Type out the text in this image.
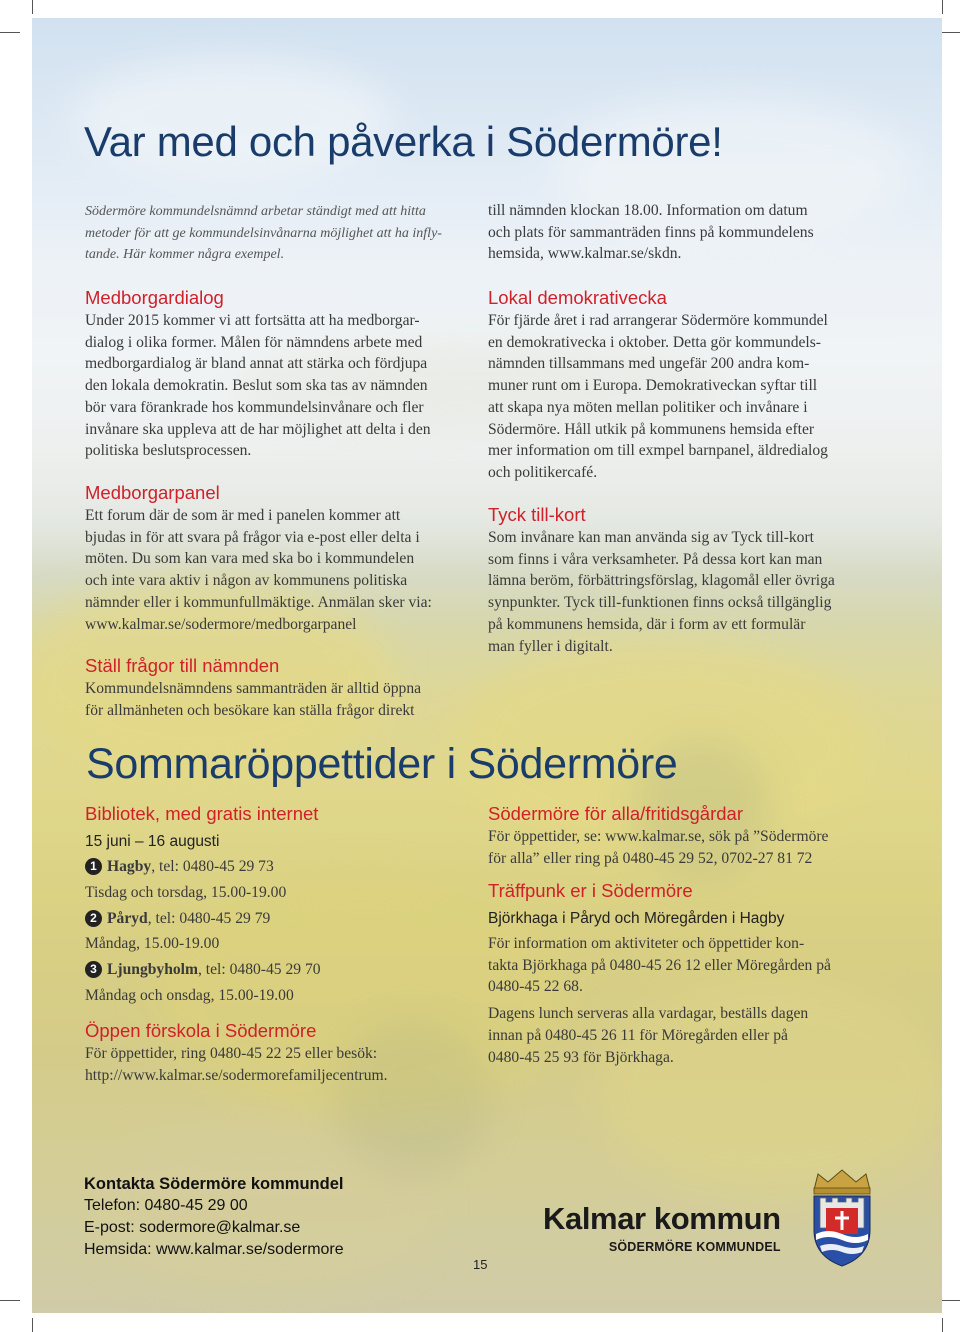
Var med och påverka i Södermöre!
Södermöre kommundelsnämnd arbetar ständigt med att hitta
metoder för att ge kommundelsinvånarna möjlighet att ha infly-
tande. Här kommer några exempel.
Medborgardialog
Under 2015 kommer vi att fortsätta att ha medborgar-
dialog i olika former. Målen för nämndens arbete med
medborgardialog är bland annat att stärka och fördjupa
den lokala demokratin. Beslut som ska tas av nämnden
bör vara förankrade hos kommundelsinvånare och fler
invånare ska uppleva att de har möjlighet att delta i den
politiska beslutsprocessen.
Medborgarpanel
Ett forum där de som är med i panelen kommer att
bjudas in för att svara på frågor via e-post eller delta i
möten. Du som kan vara med ska bo i kommundelen
och inte vara aktiv i någon av kommunens politiska
nämnder eller i kommunfullmäktige. Anmälan sker via:
www.kalmar.se/sodermore/medborgarpanel
Ställ frågor till nämnden
Kommundelsnämndens sammanträden är alltid öppna
för allmänheten och besökare kan ställa frågor direkt
till nämnden klockan 18.00. Information om datum
och plats för sammanträden finns på kommundelens
hemsida, www.kalmar.se/skdn.
Lokal demokrativecka
För fjärde året i rad arrangerar Södermöre kommundel
en demokrativecka i oktober. Detta gör kommundels-
nämnden tillsammans med ungefär 200 andra kom-
muner runt om i Europa. Demokrativeckan syftar till
att skapa nya möten mellan politiker och invånare i
Södermöre. Håll utkik på kommunens hemsida efter
mer information om till exmpel barnpanel, äldredialog
och politikercafé.
Tyck till-kort
Som invånare kan man använda sig av Tyck till-kort
som finns i våra verksamheter. På dessa kort kan man
lämna beröm, förbättringsförslag, klagomål eller övriga
synpunkter. Tyck till-funktionen finns också tillgänglig
på kommunens hemsida, där i form av ett formulär
man fyller i digitalt.
Sommaröppettider i Södermöre
Bibliotek, med gratis internet
15 juni – 16 augusti
1 Hagby, tel: 0480-45 29 73
Tisdag och torsdag, 15.00-19.00
2 Påryd, tel: 0480-45 29 79
Måndag, 15.00-19.00
3 Ljungbyholm, tel: 0480-45 29 70
Måndag och onsdag, 15.00-19.00
Öppen förskola i Södermöre
För öppettider, ring 0480-45 22 25 eller besök:
http://www.kalmar.se/sodermorefamiljecentrum.
Södermöre för alla/fritidsgårdar
För öppettider, se: www.kalmar.se, sök på ”Södermöre
för alla” eller ring på 0480-45 29 52, 0702-27 81 72
Träffpunk er i Södermöre
Björkhaga i Påryd och Möregården i Hagby
För information om aktiviteter och öppettider kon-
takta Björkhaga på 0480-45 26 12 eller Möregården på
0480-45 22 68.
Dagens lunch serveras alla vardagar, beställs dagen
innan på 0480-45 26 11 för Möregården eller på
0480-45 25 93 för Björkhaga.
Kontakta Södermöre kommundel
Telefon: 0480-45 29 00
E-post: sodermore@kalmar.se
Hemsida: www.kalmar.se/sodermore
15
Kalmar kommun
SÖDERMÖRE KOMMUNDEL
